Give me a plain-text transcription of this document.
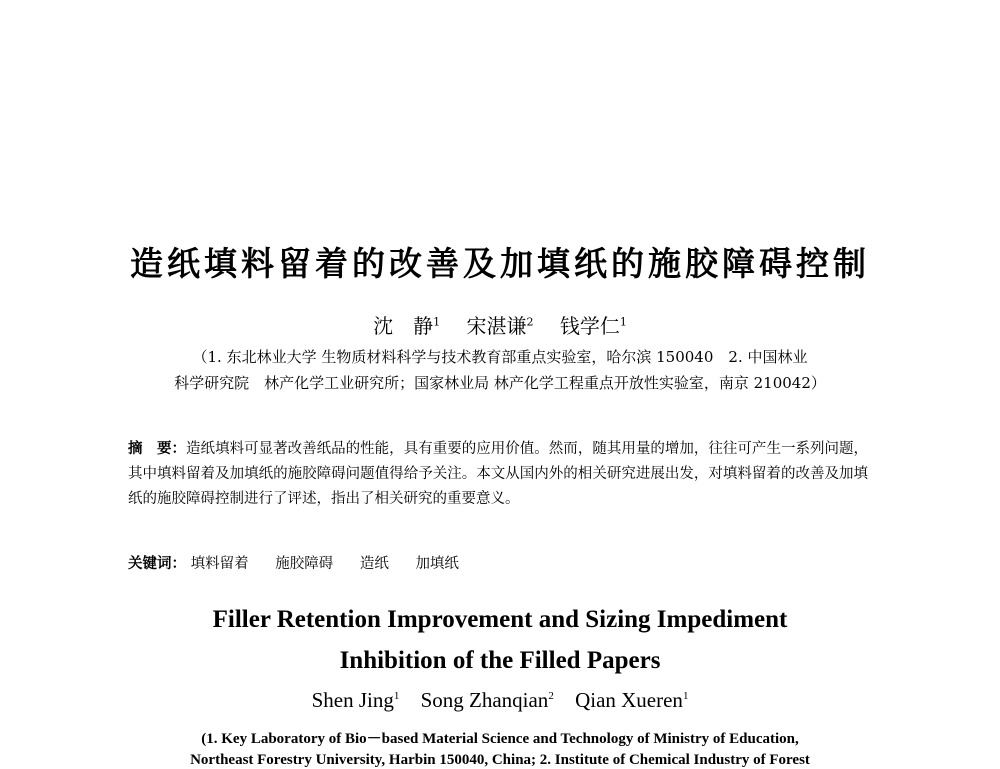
造纸填料留着的改善及加填纸的施胶障碍控制
沈　静$^1$ 宋湛谦$^2$ 钱学仁$^1$
（1. 东北林业大学 生物质材料科学与技术教育部重点实验室，哈尔滨 150040　2. 中国林业
科学研究院　林产化学工业研究所；国家林业局 林产化学工程重点开放性实验室，南京 210042）
摘　要：造纸填料可显著改善纸品的性能，具有重要的应用价值。然而，随其用量的增加，往往可产生一系列问题，其中填料留着及加填纸的施胶障碍问题值得给予关注。本文从国内外的相关研究进展出发，对填料留着的改善及加填纸的施胶障碍控制进行了评述，指出了相关研究的重要意义。
关键词： 填料留着 施胶障碍 造纸 加填纸
Filler Retention Improvement and Sizing Impediment
Inhibition of the Filled Papers
Shen Jing$^1$ Song Zhanqian$^2$ Qian Xueren$^1$
(1. Key Laboratory of Bio－based Material Science and Technology of Ministry of Education,
Northeast Forestry University, Harbin 150040, China; 2. Institute of Chemical Industry of Forest
